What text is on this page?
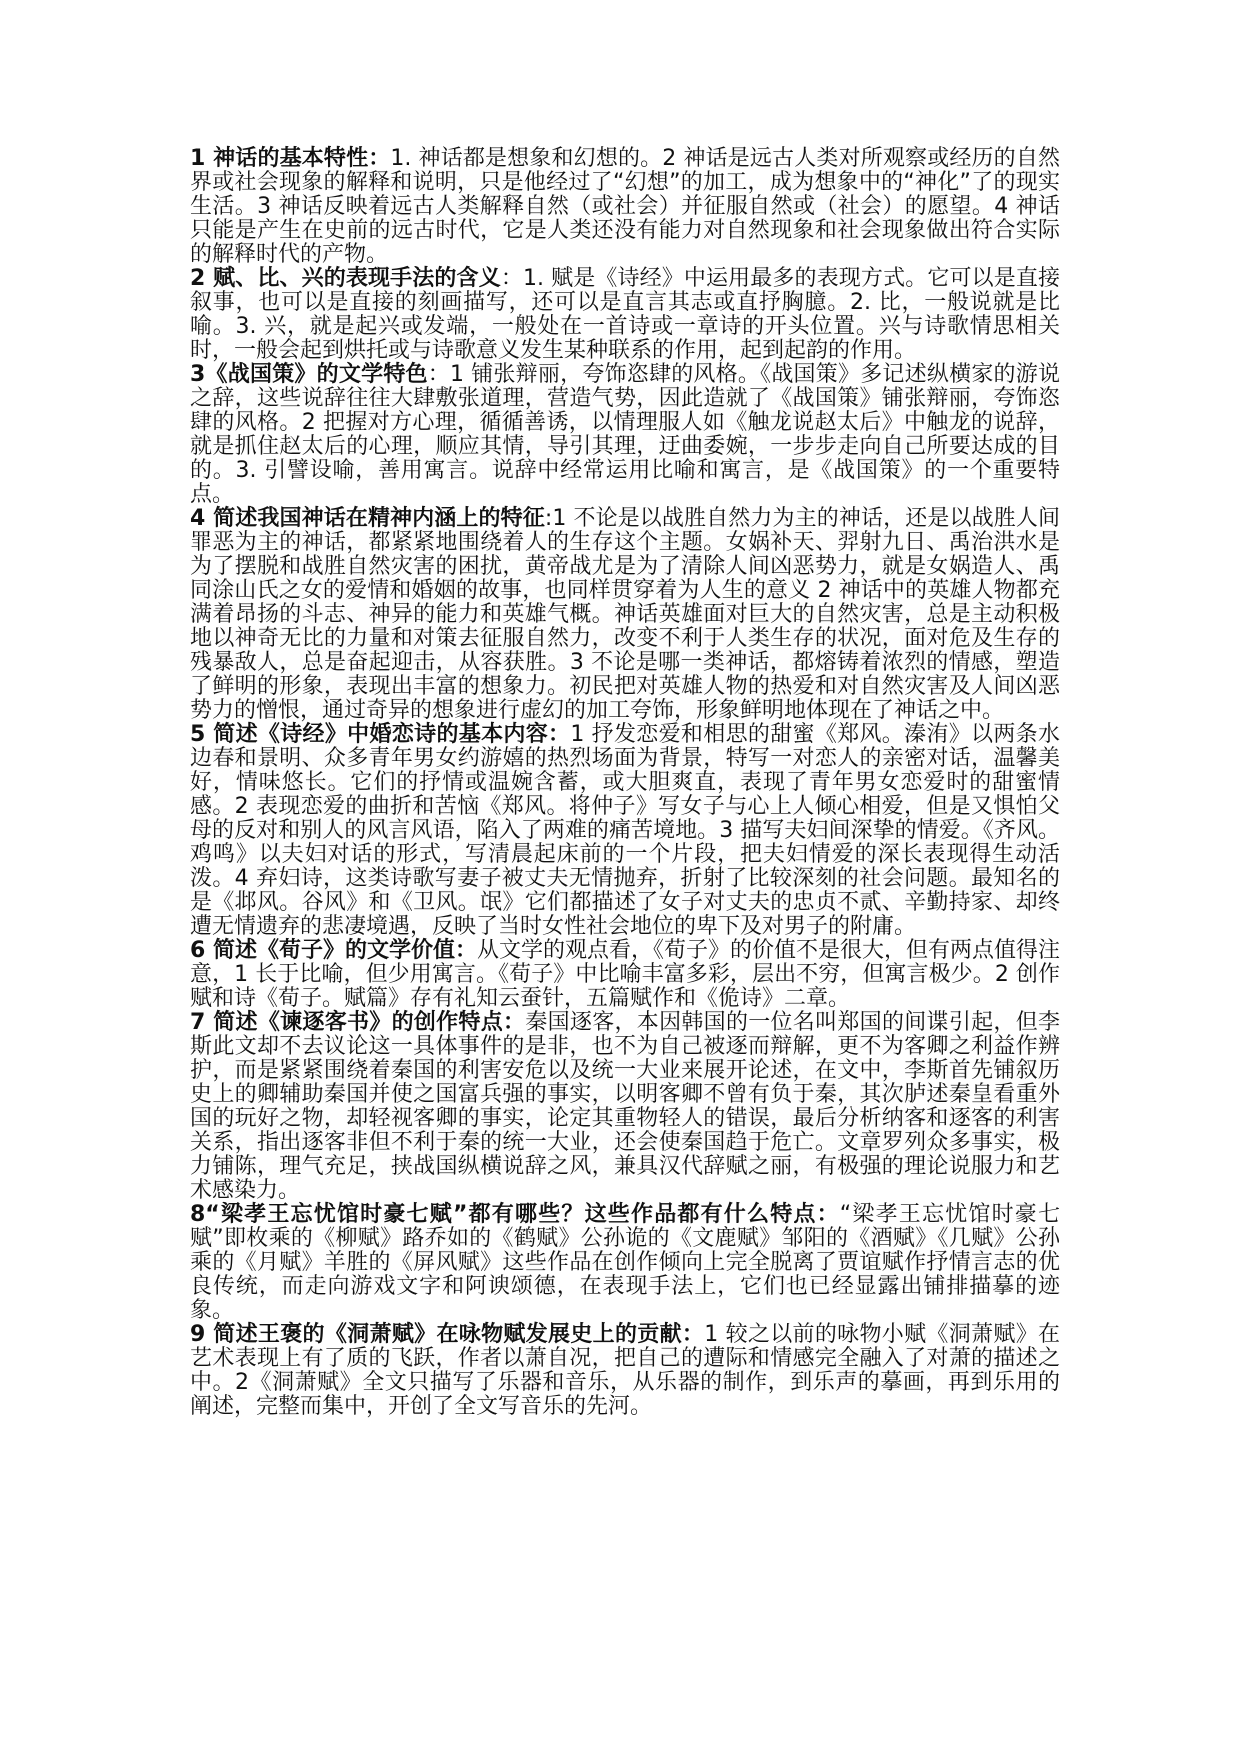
1 神话的基本特性：1. 神话都是想象和幻想的。2 神话是远古人类对所观察或经历的自然界或社会现象的解释和说明，只是他经过了“幻想”的加工，成为想象中的“神化”了的现实生活。3 神话反映着远古人类解释自然（或社会）并征服自然或（社会）的愿望。4 神话只能是产生在史前的远古时代，它是人类还没有能力对自然现象和社会现象做出符合实际的解释时代的产物。

2 赋、比、兴的表现手法的含义：1. 赋是《诗经》中运用最多的表现方式。它可以是直接叙事，也可以是直接的刻画描写，还可以是直言其志或直抒胸臆。2. 比，一般说就是比喻。3. 兴，就是起兴或发端，一般处在一首诗或一章诗的开头位置。兴与诗歌情思相关时，一般会起到烘托或与诗歌意义发生某种联系的作用，起到起韵的作用。

3《战国策》的文学特色：1 铺张辩丽，夸饰恣肆的风格。《战国策》多记述纵横家的游说之辞，这些说辞往往大肆敷张道理，营造气势，因此造就了《战国策》铺张辩丽，夸饰恣肆的风格。2 把握对方心理，循循善诱，以情理服人如《触龙说赵太后》中触龙的说辞，就是抓住赵太后的心理，顺应其情，导引其理，迂曲委婉，一步步走向自己所要达成的目的。3. 引譬设喻，善用寓言。说辞中经常运用比喻和寓言，是《战国策》的一个重要特点。

4 简述我国神话在精神内涵上的特征:1 不论是以战胜自然力为主的神话，还是以战胜人间罪恶为主的神话，都紧紧地围绕着人的生存这个主题。女娲补天、羿射九日、禹治洪水是为了摆脱和战胜自然灾害的困扰，黄帝战尤是为了清除人间凶恶势力，就是女娲造人、禹同涂山氏之女的爱情和婚姻的故事，也同样贯穿着为人生的意义 2 神话中的英雄人物都充满着昂扬的斗志、神异的能力和英雄气概。神话英雄面对巨大的自然灾害，总是主动积极地以神奇无比的力量和对策去征服自然力，改变不利于人类生存的状况，面对危及生存的残暴敌人，总是奋起迎击，从容获胜。3 不论是哪一类神话，都熔铸着浓烈的情感，塑造了鲜明的形象，表现出丰富的想象力。初民把对英雄人物的热爱和对自然灾害及人间凶恶势力的憎恨，通过奇异的想象进行虚幻的加工夸饰，形象鲜明地体现在了神话之中。

5 简述《诗经》中婚恋诗的基本内容：1 抒发恋爱和相思的甜蜜《郑风。溱洧》以两条水边春和景明、众多青年男女约游嬉的热烈场面为背景，特写一对恋人的亲密对话，温馨美好，情味悠长。它们的抒情或温婉含蓄，或大胆爽直，表现了青年男女恋爱时的甜蜜情感。2 表现恋爱的曲折和苦恼《郑风。将仲子》写女子与心上人倾心相爱，但是又惧怕父母的反对和别人的风言风语，陷入了两难的痛苦境地。3 描写夫妇间深挚的情爱。《齐风。鸡鸣》以夫妇对话的形式，写清晨起床前的一个片段，把夫妇情爱的深长表现得生动活泼。4 弃妇诗，这类诗歌写妻子被丈夫无情抛弃，折射了比较深刻的社会问题。最知名的是《邶风。谷风》和《卫风。氓》它们都描述了女子对丈夫的忠贞不贰、辛勤持家、却终遭无情遗弃的悲凄境遇，反映了当时女性社会地位的卑下及对男子的附庸。

6 简述《荀子》的文学价值：从文学的观点看，《荀子》的价值不是很大，但有两点值得注意，1 长于比喻，但少用寓言。《荀子》中比喻丰富多彩，层出不穷，但寓言极少。2 创作赋和诗《荀子。赋篇》存有礼知云蚕针，五篇赋作和《佹诗》二章。

7 简述《谏逐客书》的创作特点：秦国逐客，本因韩国的一位名叫郑国的间谍引起，但李斯此文却不去议论这一具体事件的是非，也不为自己被逐而辩解，更不为客卿之利益作辨护，而是紧紧围绕着秦国的利害安危以及统一大业来展开论述，在文中，李斯首先铺叙历史上的卿辅助秦国并使之国富兵强的事实，以明客卿不曾有负于秦，其次胪述秦皇看重外国的玩好之物，却轻视客卿的事实，论定其重物轻人的错误，最后分析纳客和逐客的利害关系，指出逐客非但不利于秦的统一大业，还会使秦国趋于危亡。文章罗列众多事实，极力铺陈，理气充足，挟战国纵横说辞之风，兼具汉代辞赋之丽，有极强的理论说服力和艺术感染力。

8“梁孝王忘忧馆时豪七赋”都有哪些？这些作品都有什么特点：“梁孝王忘忧馆时豪七赋”即枚乘的《柳赋》路乔如的《鹤赋》公孙诡的《文鹿赋》邹阳的《酒赋》《几赋》公孙乘的《月赋》羊胜的《屏风赋》这些作品在创作倾向上完全脱离了贾谊赋作抒情言志的优良传统，而走向游戏文字和阿谀颂德，在表现手法上，它们也已经显露出铺排描摹的迹象。

9 简述王褒的《洞萧赋》在咏物赋发展史上的贡献：1 较之以前的咏物小赋《洞萧赋》在艺术表现上有了质的飞跃，作者以萧自况，把自己的遭际和情感完全融入了对萧的描述之中。2《洞萧赋》全文只描写了乐器和音乐，从乐器的制作，到乐声的摹画，再到乐用的阐述，完整而集中，开创了全文写音乐的先河。
